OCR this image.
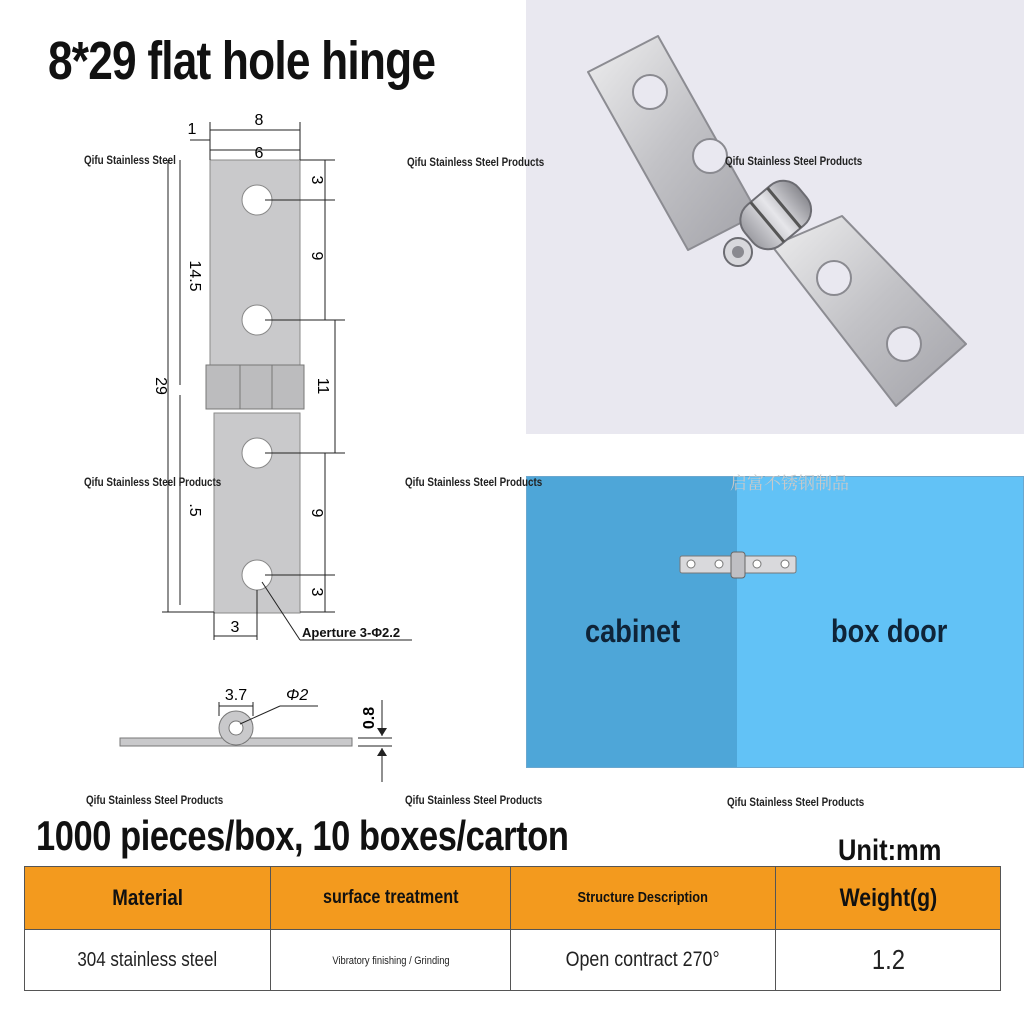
8*29 flat hole hinge
8
1
6
14.5
29
.5
3
9
11
9
3
3	Aperture 3-Φ2.2
3.7 Φ2
0.8
cabinet	box door
Qifu Stainless Steel	Qifu Stainless Steel Products	Qifu Stainless Steel Products
Qifu Stainless Steel Products	Qifu Stainless Steel Products	启富不锈钢制品
Qifu Stainless Steel Products	Qifu Stainless Steel Products	Qifu Stainless Steel Products
1000 pieces/box, 10 boxes/carton	Unit:mm
Material	surface treatment	Structure Description	Weight(g)
304 stainless steel	Vibratory finishing / Grinding	Open contract 270°	1.2
